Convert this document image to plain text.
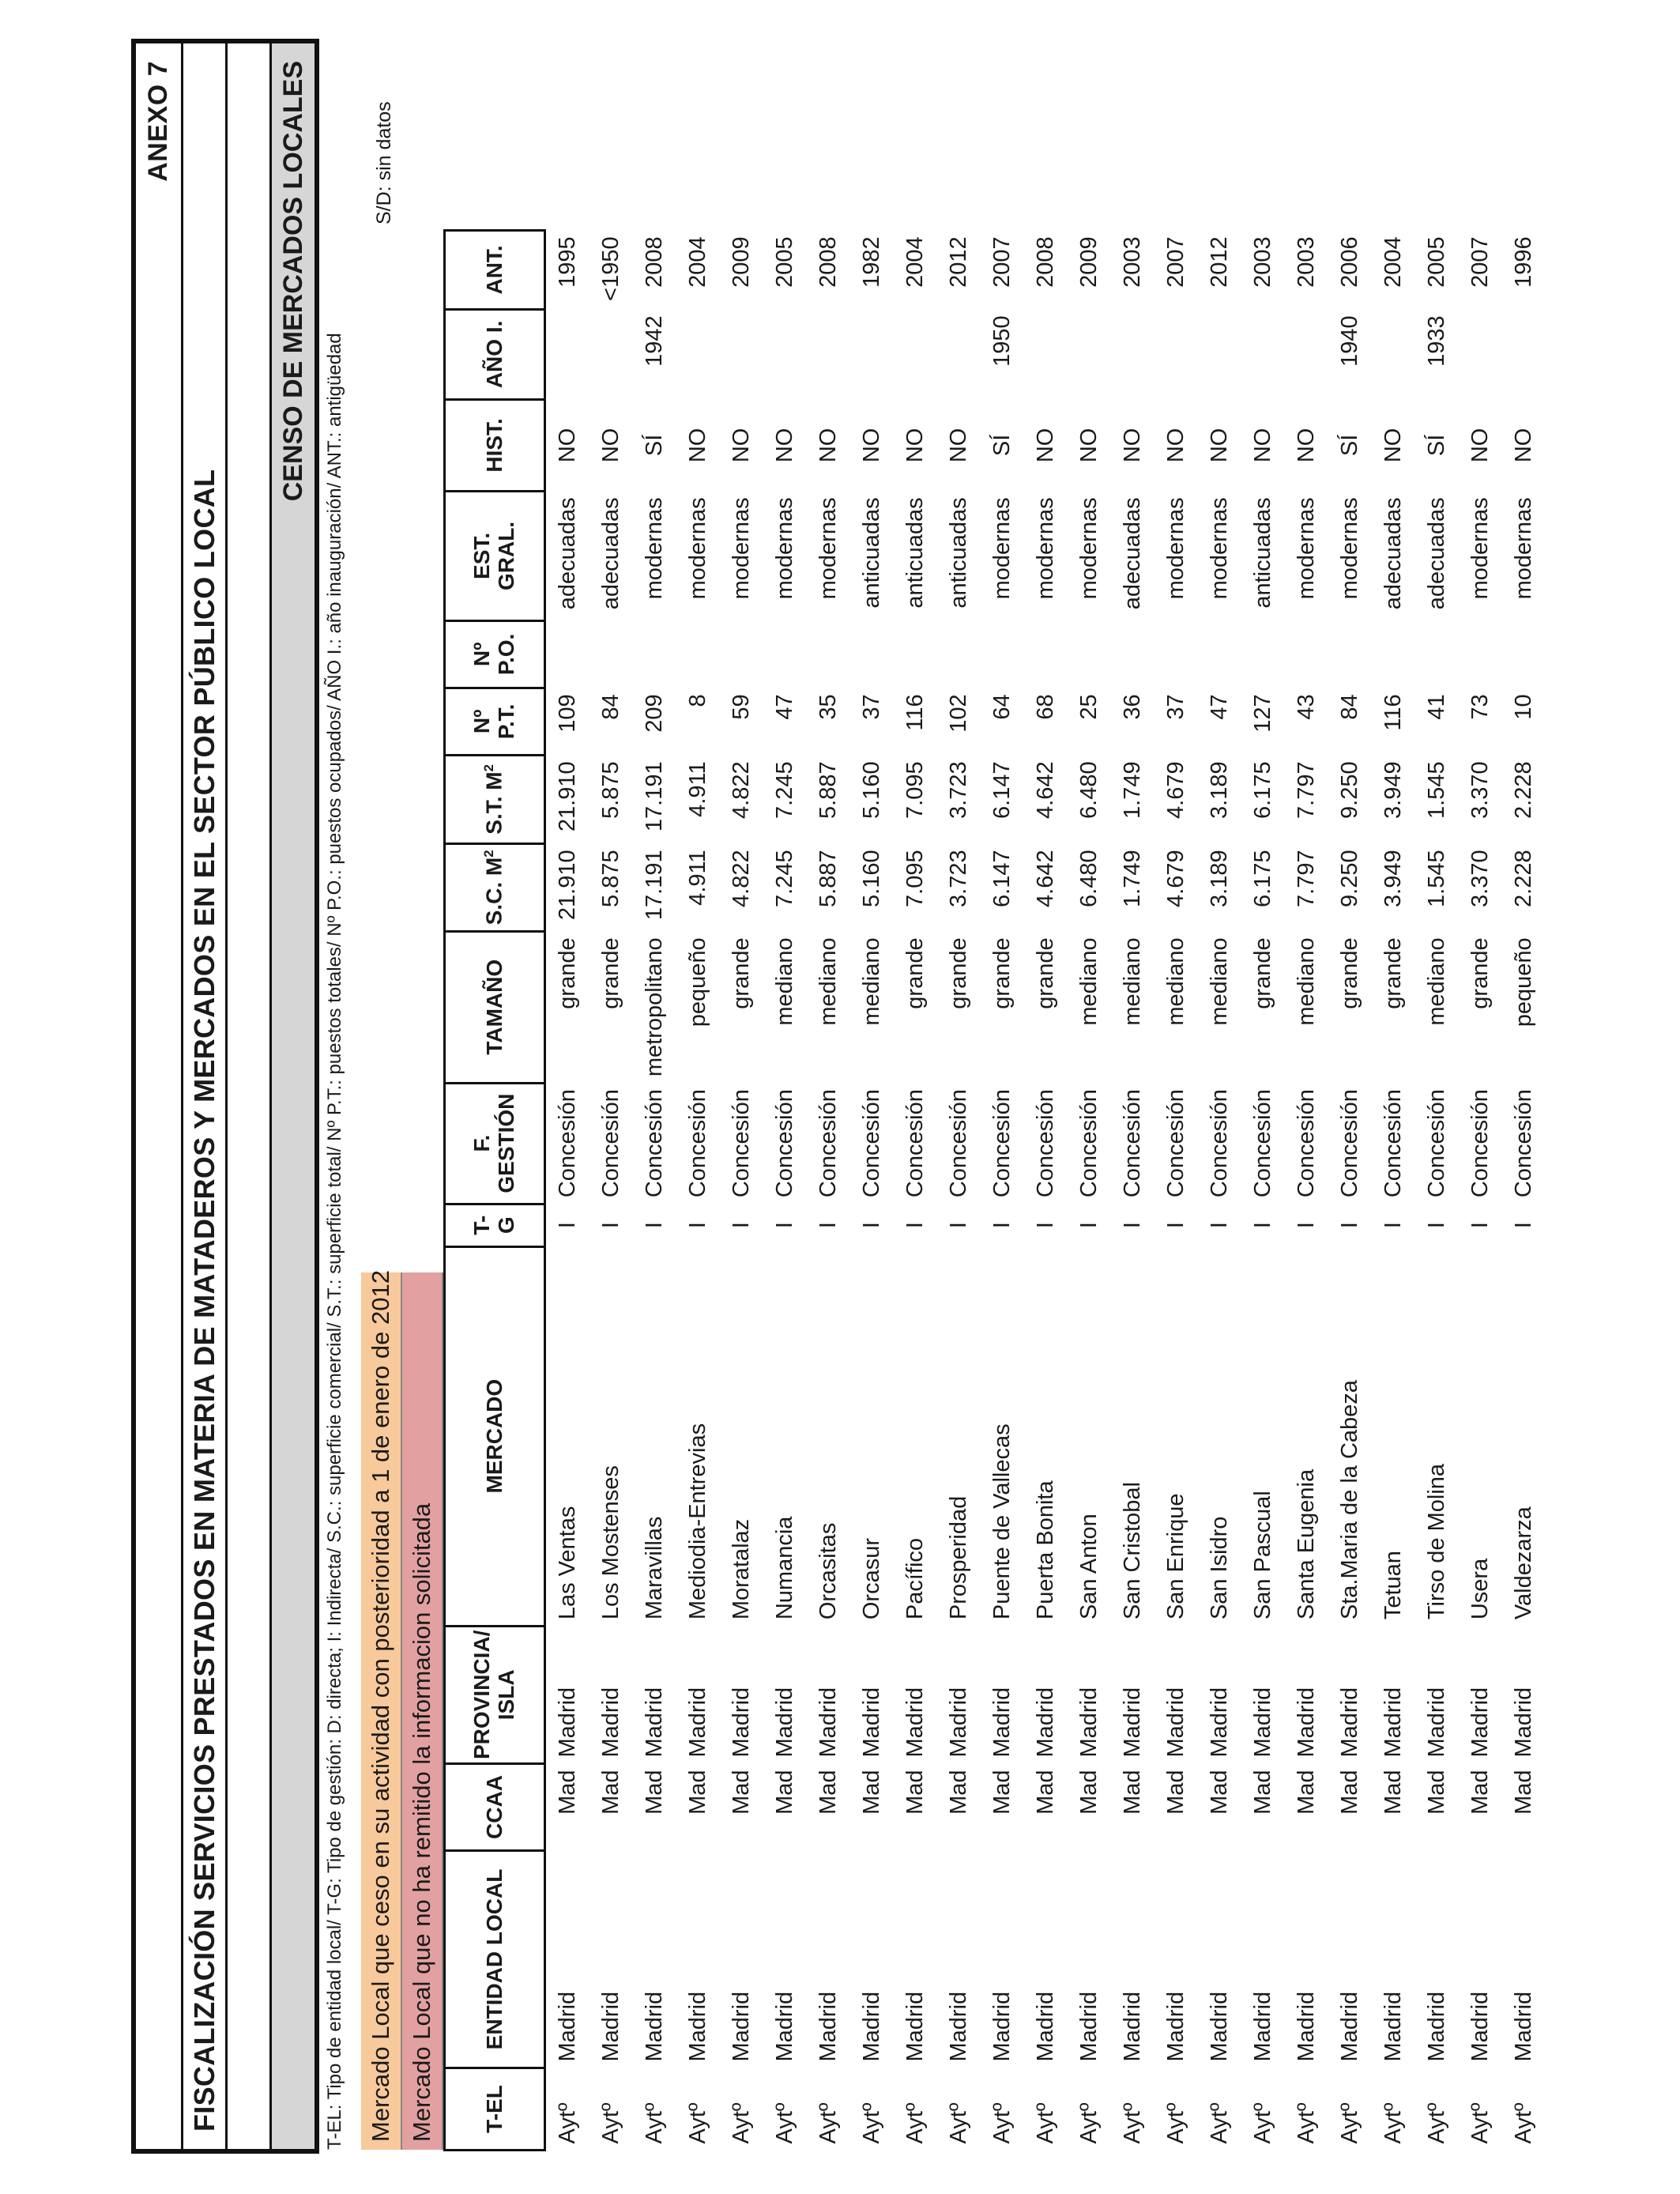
ANEXO 7
FISCALIZACIÓN SERVICIOS PRESTADOS EN MATERIA DE MATADEROS Y MERCADOS EN EL SECTOR PÚBLICO LOCAL
CENSO DE MERCADOS LOCALES
T-EL: Tipo de entidad local/ T-G: Tipo de gestión: D: directa; I: Indirecta/ S.C.: superficie comercial/ S.T.: superficie total/ Nº P.T.: puestos totales/ Nº P.O.: puestos ocupados/ AÑO I.: año inauguración/ ANT.: antigüedad
S/D: sin datos
Mercado Local que ceso en su actividad con posterioridad a 1 de enero de 2012 Mercado Local que no ha remitido la informacion solicitada	T-EL	ENTIDAD LOCAL	CCAA	PROVINCIA/ ISLA	MERCADO	T-G	F. GESTIÓN	TAMAÑO	S.C. $M^2$	S.T. $M^2$	Nº P.T.	Nº P.O.	EST. GRAL.	HIST.	AÑO I.	ANT.
Aytº	Madrid	Mad	Madrid	Las Ventas	I	Concesión	grande	21.910	21.910	109		adecuadas	NO		1995
Aytº	Madrid	Mad	Madrid	Los Mostenses	I	Concesión	grande	5.875	5.875	84		adecuadas	NO		<1950
Aytº	Madrid	Mad	Madrid	Maravillas	I	Concesión	metropolitano	17.191	17.191	209		modernas	SÍ	1942	2008
Aytº	Madrid	Mad	Madrid	Mediodia-Entrevias	I	Concesión	pequeño	4.911	4.911	8		modernas	NO		2004
Aytº	Madrid	Mad	Madrid	Moratalaz	I	Concesión	grande	4.822	4.822	59		modernas	NO		2009
Aytº	Madrid	Mad	Madrid	Numancia	I	Concesión	mediano	7.245	7.245	47		modernas	NO		2005
Aytº	Madrid	Mad	Madrid	Orcasitas	I	Concesión	mediano	5.887	5.887	35		modernas	NO		2008
Aytº	Madrid	Mad	Madrid	Orcasur	I	Concesión	mediano	5.160	5.160	37		anticuadas	NO		1982
Aytº	Madrid	Mad	Madrid	Pacífico	I	Concesión	grande	7.095	7.095	116		anticuadas	NO		2004
Aytº	Madrid	Mad	Madrid	Prosperidad	I	Concesión	grande	3.723	3.723	102		anticuadas	NO		2012
Aytº	Madrid	Mad	Madrid	Puente de Vallecas	I	Concesión	grande	6.147	6.147	64		modernas	SÍ	1950	2007
Aytº	Madrid	Mad	Madrid	Puerta Bonita	I	Concesión	grande	4.642	4.642	68		modernas	NO		2008
Aytº	Madrid	Mad	Madrid	San Anton	I	Concesión	mediano	6.480	6.480	25		modernas	NO		2009
Aytº	Madrid	Mad	Madrid	San Cristobal	I	Concesión	mediano	1.749	1.749	36		adecuadas	NO		2003
Aytº	Madrid	Mad	Madrid	San Enrique	I	Concesión	mediano	4.679	4.679	37		modernas	NO		2007
Aytº	Madrid	Mad	Madrid	San Isidro	I	Concesión	mediano	3.189	3.189	47		modernas	NO		2012
Aytº	Madrid	Mad	Madrid	San Pascual	I	Concesión	grande	6.175	6.175	127		anticuadas	NO		2003
Aytº	Madrid	Mad	Madrid	Santa Eugenia	I	Concesión	mediano	7.797	7.797	43		modernas	NO		2003
Aytº	Madrid	Mad	Madrid	Sta.Maria de la Cabeza	I	Concesión	grande	9.250	9.250	84		modernas	SÍ	1940	2006
Aytº	Madrid	Mad	Madrid	Tetuan	I	Concesión	grande	3.949	3.949	116		adecuadas	NO		2004
Aytº	Madrid	Mad	Madrid	Tirso de Molina	I	Concesión	mediano	1.545	1.545	41		adecuadas	SÍ	1933	2005
Aytº	Madrid	Mad	Madrid	Usera	I	Concesión	grande	3.370	3.370	73		modernas	NO		2007
Aytº	Madrid	Mad	Madrid	Valdezarza	I	Concesión	pequeño	2.228	2.228	10		modernas	NO		1996
